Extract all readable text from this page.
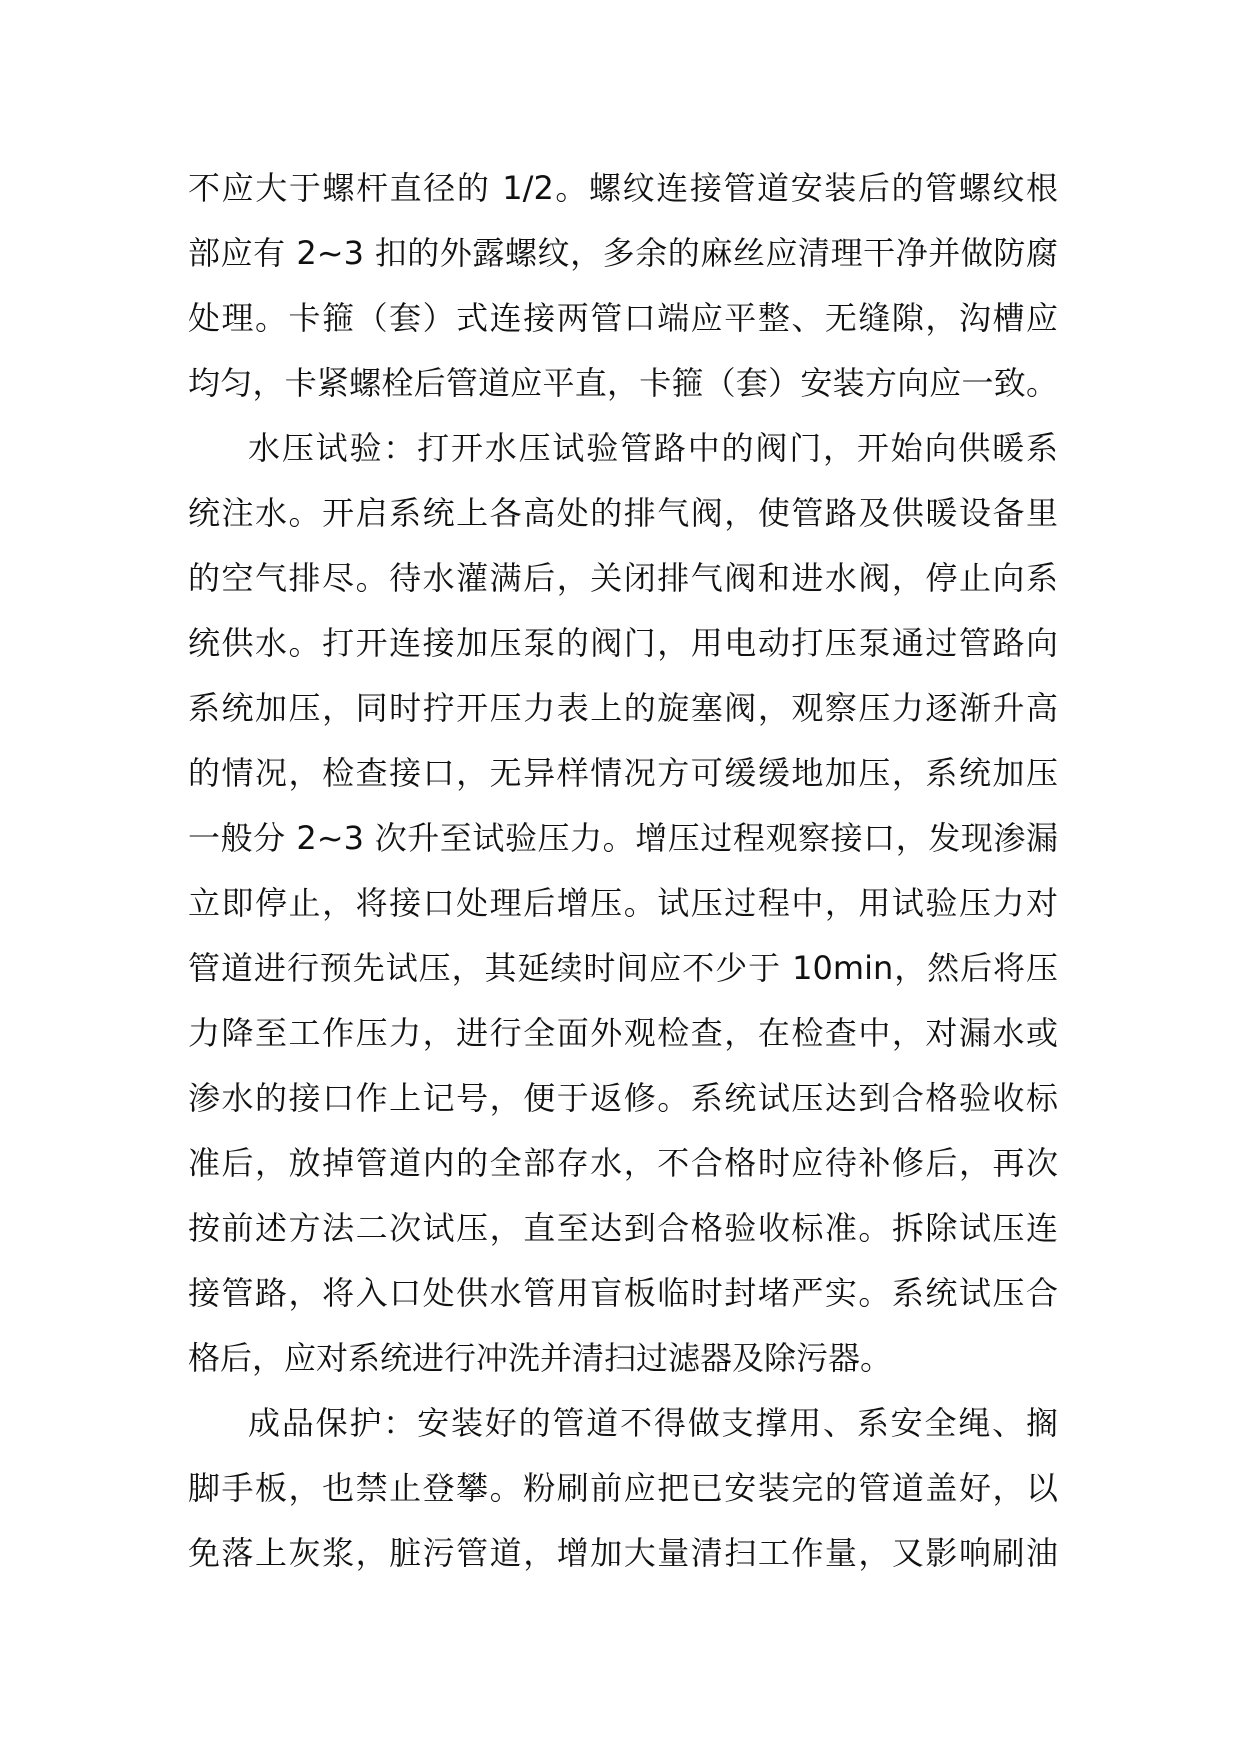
不应大于螺杆直径的 1/2。螺纹连接管道安装后的管螺纹根
部应有 2~3 扣的外露螺纹，多余的麻丝应清理干净并做防腐
处理。卡箍（套）式连接两管口端应平整、无缝隙，沟槽应
均匀，卡紧螺栓后管道应平直，卡箍（套）安装方向应一致。
水压试验：打开水压试验管路中的阀门，开始向供暖系
统注水。开启系统上各高处的排气阀，使管路及供暖设备里
的空气排尽。待水灌满后，关闭排气阀和进水阀，停止向系
统供水。打开连接加压泵的阀门，用电动打压泵通过管路向
系统加压，同时拧开压力表上的旋塞阀，观察压力逐渐升高
的情况，检查接口，无异样情况方可缓缓地加压，系统加压
一般分 2~3 次升至试验压力。增压过程观察接口，发现渗漏
立即停止，将接口处理后增压。试压过程中，用试验压力对
管道进行预先试压，其延续时间应不少于 10min，然后将压
力降至工作压力，进行全面外观检查，在检查中，对漏水或
渗水的接口作上记号，便于返修。系统试压达到合格验收标
准后，放掉管道内的全部存水，不合格时应待补修后，再次
按前述方法二次试压，直至达到合格验收标准。拆除试压连
接管路，将入口处供水管用盲板临时封堵严实。系统试压合
格后，应对系统进行冲洗并清扫过滤器及除污器。
成品保护：安装好的管道不得做支撑用、系安全绳、搁
脚手板，也禁止登攀。粉刷前应把已安装完的管道盖好，以
免落上灰浆，脏污管道，增加大量清扫工作量，又影响刷油
